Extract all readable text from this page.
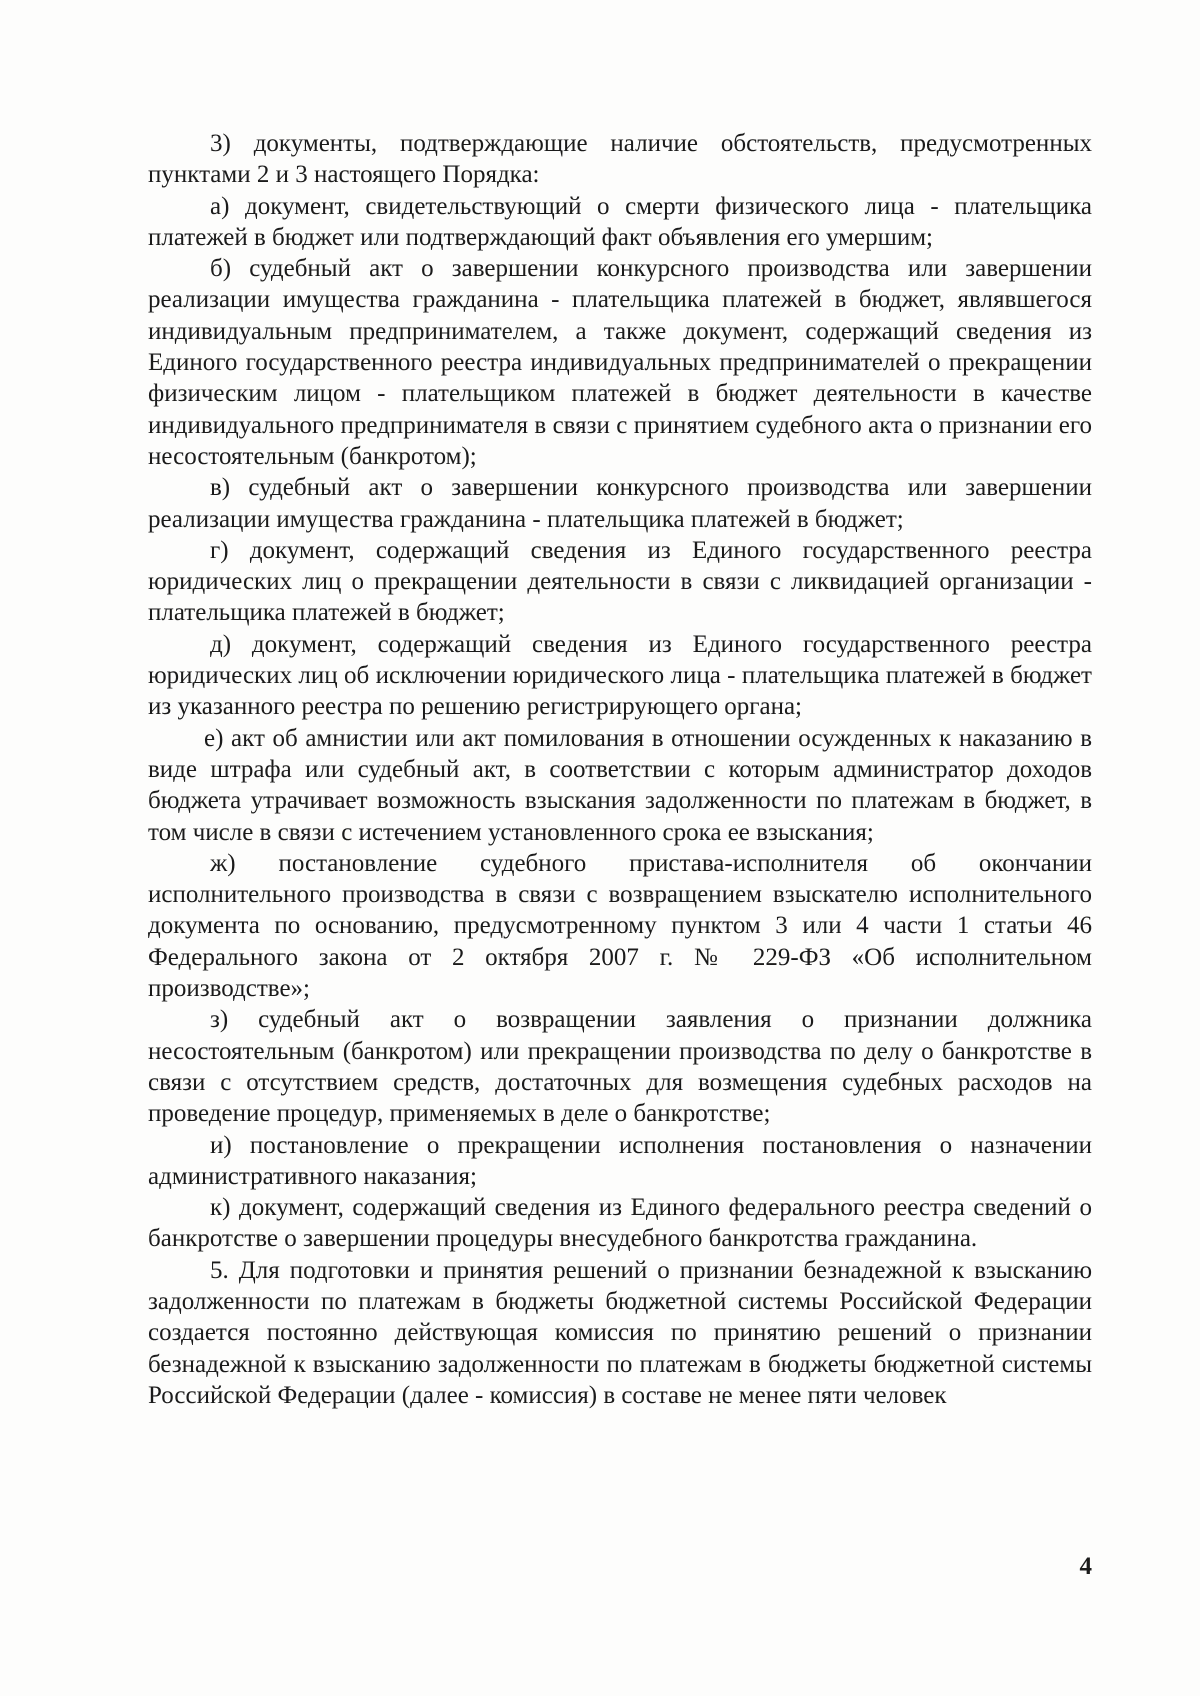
3) документы, подтверждающие наличие обстоятельств, предусмотренных пунктами 2 и 3 настоящего Порядка:

а) документ, свидетельствующий о смерти физического лица - плательщика платежей в бюджет или подтверждающий факт объявления его умершим;

б) судебный акт о завершении конкурсного производства или завершении реализации имущества гражданина - плательщика платежей в бюджет, являвшегося индивидуальным предпринимателем, а также документ, содержащий сведения из Единого государственного реестра индивидуальных предпринимателей о прекращении физическим лицом - плательщиком платежей в бюджет деятельности в качестве индивидуального предпринимателя в связи с принятием судебного акта о признании его несостоятельным (банкротом);

в) судебный акт о завершении конкурсного производства или завершении реализации имущества гражданина - плательщика платежей в бюджет;

г) документ, содержащий сведения из Единого государственного реестра юридических лиц о прекращении деятельности в связи с ликвидацией организации - плательщика платежей в бюджет;

д) документ, содержащий сведения из Единого государственного реестра юридических лиц об исключении юридического лица - плательщика платежей в бюджет из указанного реестра по решению регистрирующего органа;

е) акт об амнистии или акт помилования в отношении осужденных к наказанию в виде штрафа или судебный акт, в соответствии с которым администратор доходов бюджета утрачивает возможность взыскания задолженности по платежам в бюджет, в том числе в связи с истечением установленного срока ее взыскания;

ж) постановление судебного пристава-исполнителя об окончании исполнительного производства в связи с возвращением взыскателю исполнительного документа по основанию, предусмотренному пунктом 3 или 4 части 1 статьи 46 Федерального закона от 2 октября 2007 г. № 229-ФЗ «Об исполнительном производстве»;

з) судебный акт о возвращении заявления о признании должника несостоятельным (банкротом) или прекращении производства по делу о банкротстве в связи с отсутствием средств, достаточных для возмещения судебных расходов на проведение процедур, применяемых в деле о банкротстве;

и) постановление о прекращении исполнения постановления о назначении административного наказания;

к) документ, содержащий сведения из Единого федерального реестра сведений о банкротстве о завершении процедуры внесудебного банкротства гражданина.

5. Для подготовки и принятия решений о признании безнадежной к взысканию задолженности по платежам в бюджеты бюджетной системы Российской Федерации создается постоянно действующая комиссия по принятию решений о признании безнадежной к взысканию задолженности по платежам в бюджеты бюджетной системы Российской Федерации (далее - комиссия) в составе не менее пяти человек

4
